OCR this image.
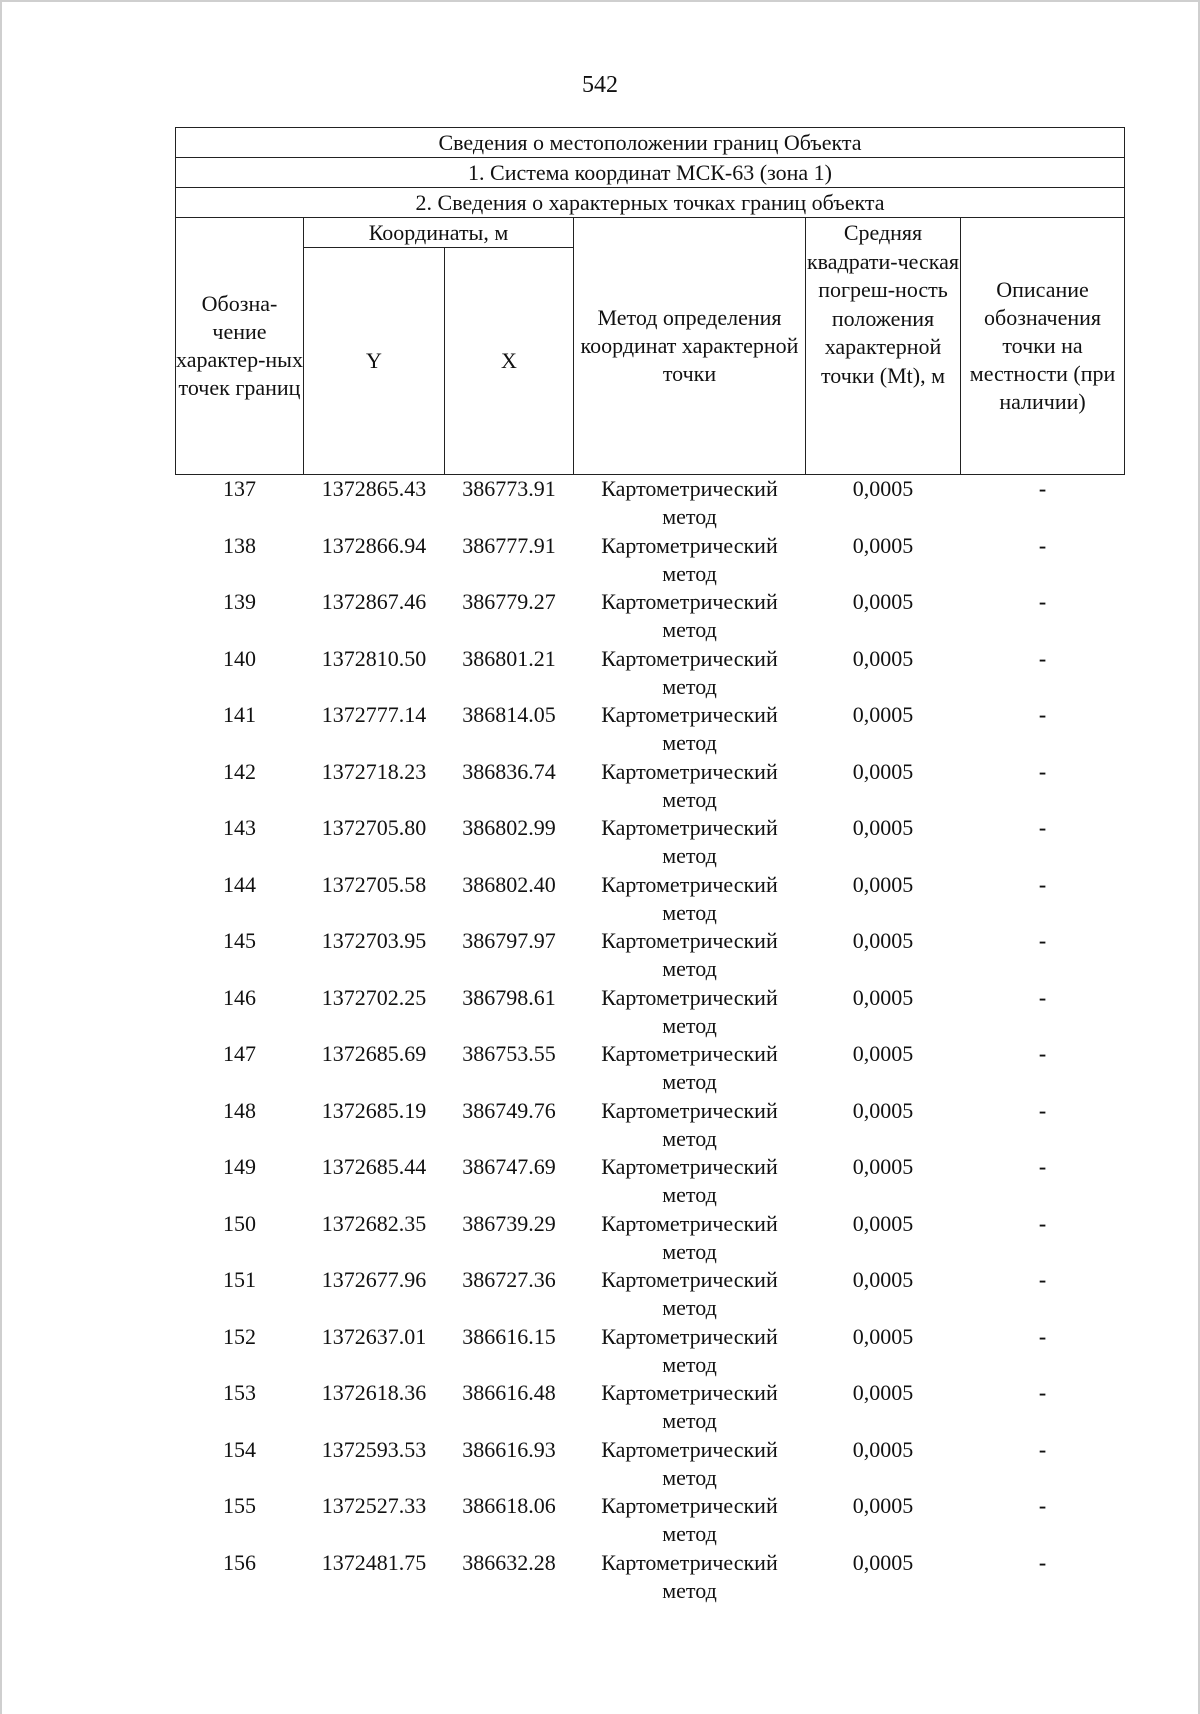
542
Сведения о местоположении границ Объекта					
1. Система координат МСК-63 (зона 1)					
2. Сведения о характерных точках границ объекта					
Обозна-чение характер-ных точек границ	Координаты, м		Метод определения координат характерной точки	Средняя квадрати-ческая погреш-ность положения характерной точки (Mt), м	Описание обозначения точки на местности (при наличии)
	Y	X			
137	1372865.43	386773.91	Картометрический метод	0,0005	-
138	1372866.94	386777.91	Картометрический метод	0,0005	-
139	1372867.46	386779.27	Картометрический метод	0,0005	-
140	1372810.50	386801.21	Картометрический метод	0,0005	-
141	1372777.14	386814.05	Картометрический метод	0,0005	-
142	1372718.23	386836.74	Картометрический метод	0,0005	-
143	1372705.80	386802.99	Картометрический метод	0,0005	-
144	1372705.58	386802.40	Картометрический метод	0,0005	-
145	1372703.95	386797.97	Картометрический метод	0,0005	-
146	1372702.25	386798.61	Картометрический метод	0,0005	-
147	1372685.69	386753.55	Картометрический метод	0,0005	-
148	1372685.19	386749.76	Картометрический метод	0,0005	-
149	1372685.44	386747.69	Картометрический метод	0,0005	-
150	1372682.35	386739.29	Картометрический метод	0,0005	-
151	1372677.96	386727.36	Картометрический метод	0,0005	-
152	1372637.01	386616.15	Картометрический метод	0,0005	-
153	1372618.36	386616.48	Картометрический метод	0,0005	-
154	1372593.53	386616.93	Картометрический метод	0,0005	-
155	1372527.33	386618.06	Картометрический метод	0,0005	-
156	1372481.75	386632.28	Картометрический метод	0,0005	-
